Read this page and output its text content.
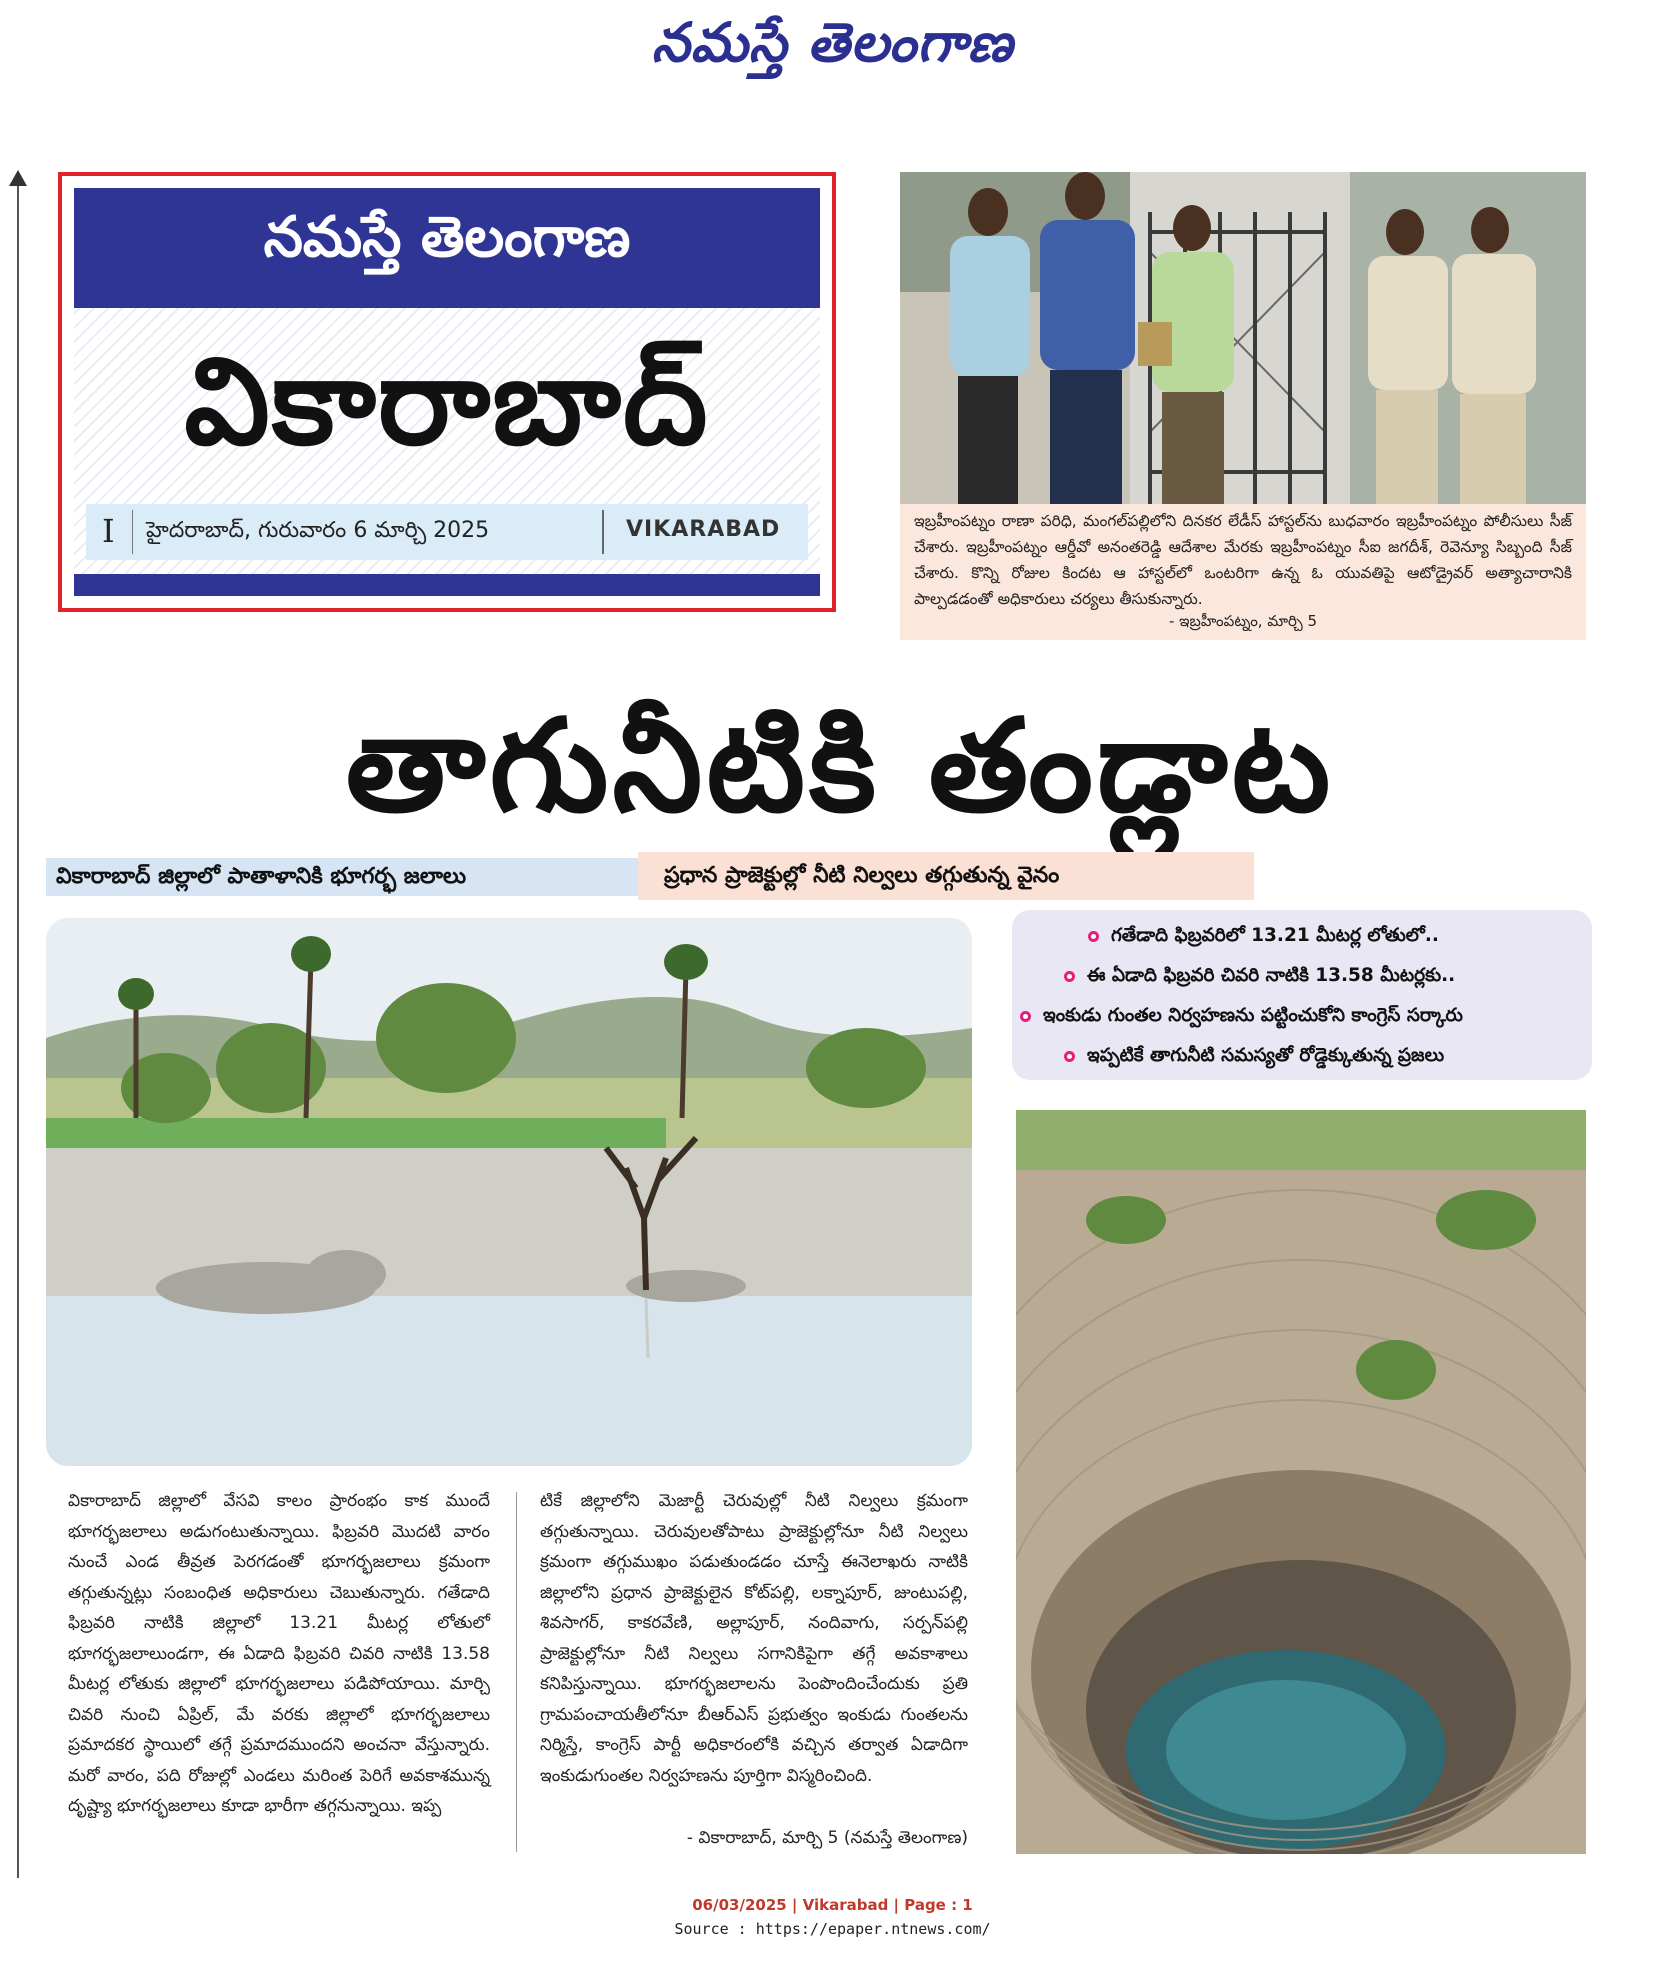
నమస్తే తెలంగాణ
నమస్తే తెలంగాణ
వికారాబాద్
I హైదరాబాద్, గురువారం 6 మార్చి 2025	VIKARABAD	ఇబ్రహీంపట్నం రాణా పరిధి, మంగల్‌పల్లిలోని దినకర లేడీస్ హాస్టల్‌ను బుధవారం ఇబ్రహీంపట్నం పోలీసులు సీజ్ చేశారు. ఇబ్రహీంపట్నం ఆర్డీవో అనంతరెడ్డి ఆదేశాల మేరకు ఇబ్రహీంపట్నం సీఐ జగదీశ్, రెవెన్యూ సిబ్బంది సీజ్ చేశారు. కొన్ని రోజుల కిందట ఆ హాస్టల్‌లో ఒంటరిగా ఉన్న ఓ యువతిపై ఆటోడ్రైవర్ అత్యాచారానికి పాల్పడడంతో అధికారులు చర్యలు తీసుకున్నారు.
- ఇబ్రహీంపట్నం, మార్చి 5
తాగునీటికి తండ్లాట
వికారాబాద్ జిల్లాలో పాతాళానికి భూగర్భ జలాలు	ప్రధాన ప్రాజెక్టుల్లో నీటి నిల్వలు తగ్గుతున్న వైనం
గతేడాది ఫిబ్రవరిలో 13.21 మీటర్ల లోతులో..
ఈ ఏడాది ఫిబ్రవరి చివరి నాటికి 13.58 మీటర్లకు..
ఇంకుడు గుంతల నిర్వహణను పట్టించుకోని కాంగ్రెస్ సర్కారు
ఇప్పటికే తాగునీటి సమస్యతో రోడ్డెక్కుతున్న ప్రజలు
వికారాబాద్ జిల్లాలో వేసవి కాలం ప్రారంభం కాక ముందే భూగర్భజలాలు అడుగంటుతున్నాయి. ఫిబ్రవరి మొదటి వారం నుంచే ఎండ తీవ్రత పెరగడంతో భూగర్భజలాలు క్రమంగా తగ్గుతున్నట్లు సంబంధిత అధికారులు చెబుతున్నారు. గతేడాది ఫిబ్రవరి నాటికి జిల్లాలో 13.21 మీటర్ల లోతులో భూగర్భజలాలుండగా, ఈ ఏడాది ఫిబ్రవరి చివరి నాటికి 13.58 మీటర్ల లోతుకు జిల్లాలో భూగర్భజలాలు పడిపోయాయి. మార్చి చివరి నుంచి ఏప్రిల్, మే వరకు జిల్లాలో భూగర్భజలాలు ప్రమాదకర స్థాయిలో తగ్గే ప్రమాదముందని అంచనా వేస్తున్నారు. మరో వారం, పది రోజుల్లో ఎండలు మరింత పెరిగే అవకాశమున్న దృష్ట్యా భూగర్భజలాలు కూడా భారీగా తగ్గనున్నాయి. ఇప్ప
టికే జిల్లాలోని మెజార్టీ చెరువుల్లో నీటి నిల్వలు క్రమంగా తగ్గుతున్నాయి. చెరువులతోపాటు ప్రాజెక్టుల్లోనూ నీటి నిల్వలు క్రమంగా తగ్గుముఖం పడుతుండడం చూస్తే ఈనెలాఖరు నాటికి జిల్లాలోని ప్రధాన ప్రాజెక్టులైన కోట్‌పల్లి, లక్నాపూర్, జుంటుపల్లి, శివసాగర్, కాకరవేణి, అల్లాపూర్, నందివాగు, సర్పన్‌పల్లి ప్రాజెక్టుల్లోనూ నీటి నిల్వలు సగానికిపైగా తగ్గే అవకాశాలు కనిపిస్తున్నాయి. భూగర్భజలాలను పెంపొందించేందుకు ప్రతి గ్రామపంచాయతీలోనూ బీఆర్‌ఎస్ ప్రభుత్వం ఇంకుడు గుంతలను నిర్మిస్తే, కాంగ్రెస్ పార్టీ అధికారంలోకి వచ్చిన తర్వాత ఏడాదిగా ఇంకుడుగుంతల నిర్వహణను పూర్తిగా విస్మరించింది.
- వికారాబాద్, మార్చి 5 (నమస్తే తెలంగాణ)
06/03/2025 | Vikarabad | Page : 1
Source : https://epaper.ntnews.com/
